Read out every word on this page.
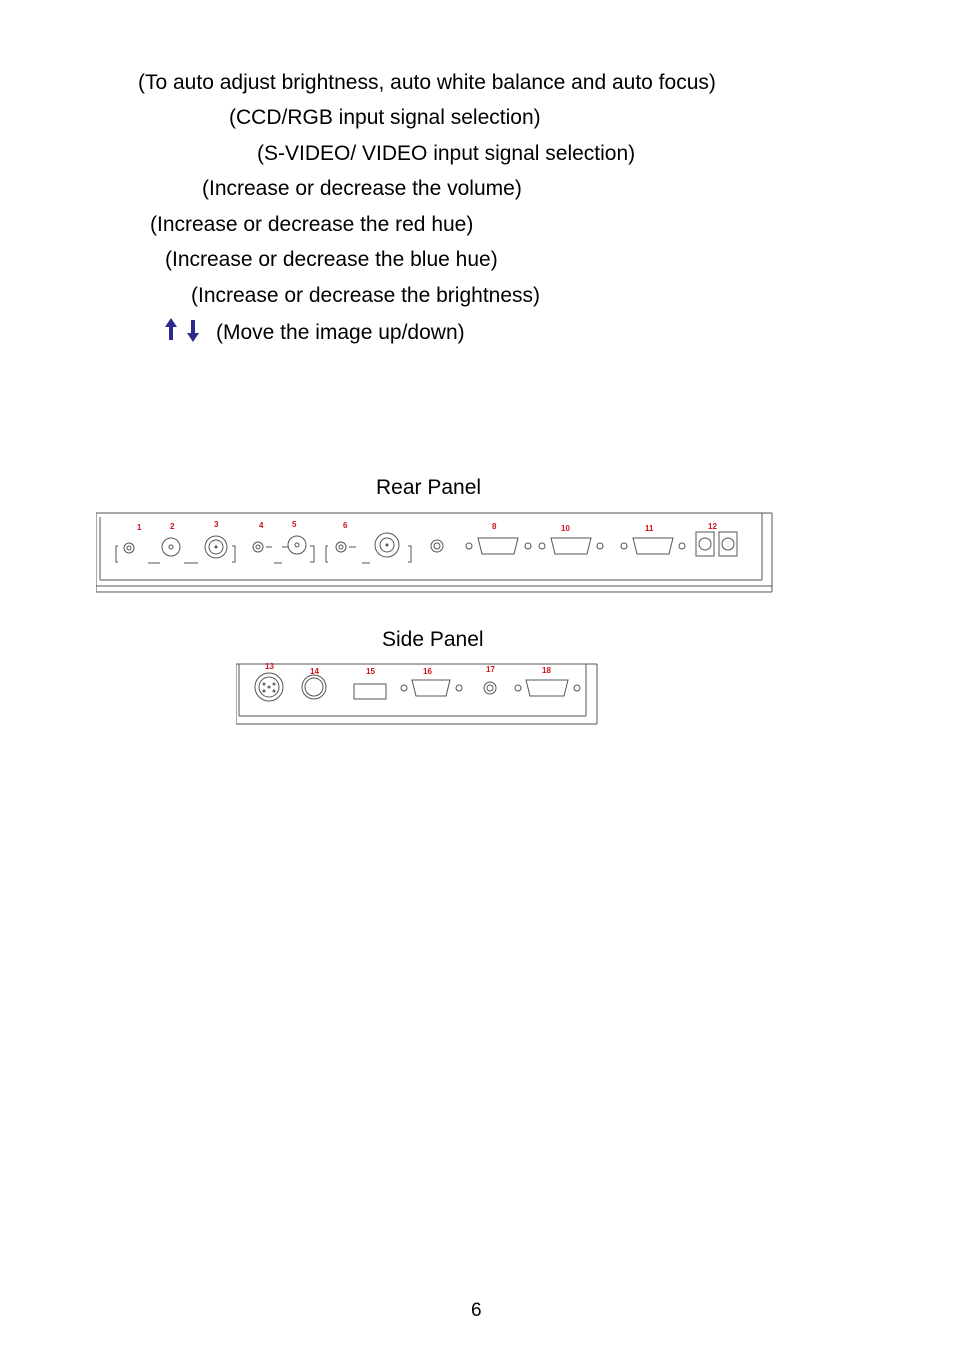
(To auto adjust brightness, auto white balance and auto focus)
(CCD/RGB input signal selection)
(S-VIDEO/ VIDEO input signal selection)
(Increase or decrease the volume)
(Increase or decrease the red hue)
(Increase or decrease the blue hue)
(Increase or decrease the brightness)
(Move the image up/down)
Rear Panel
1	2	3	4	5	6	8	10	11	12
Side Panel
13
14	15	16	17	18
6
